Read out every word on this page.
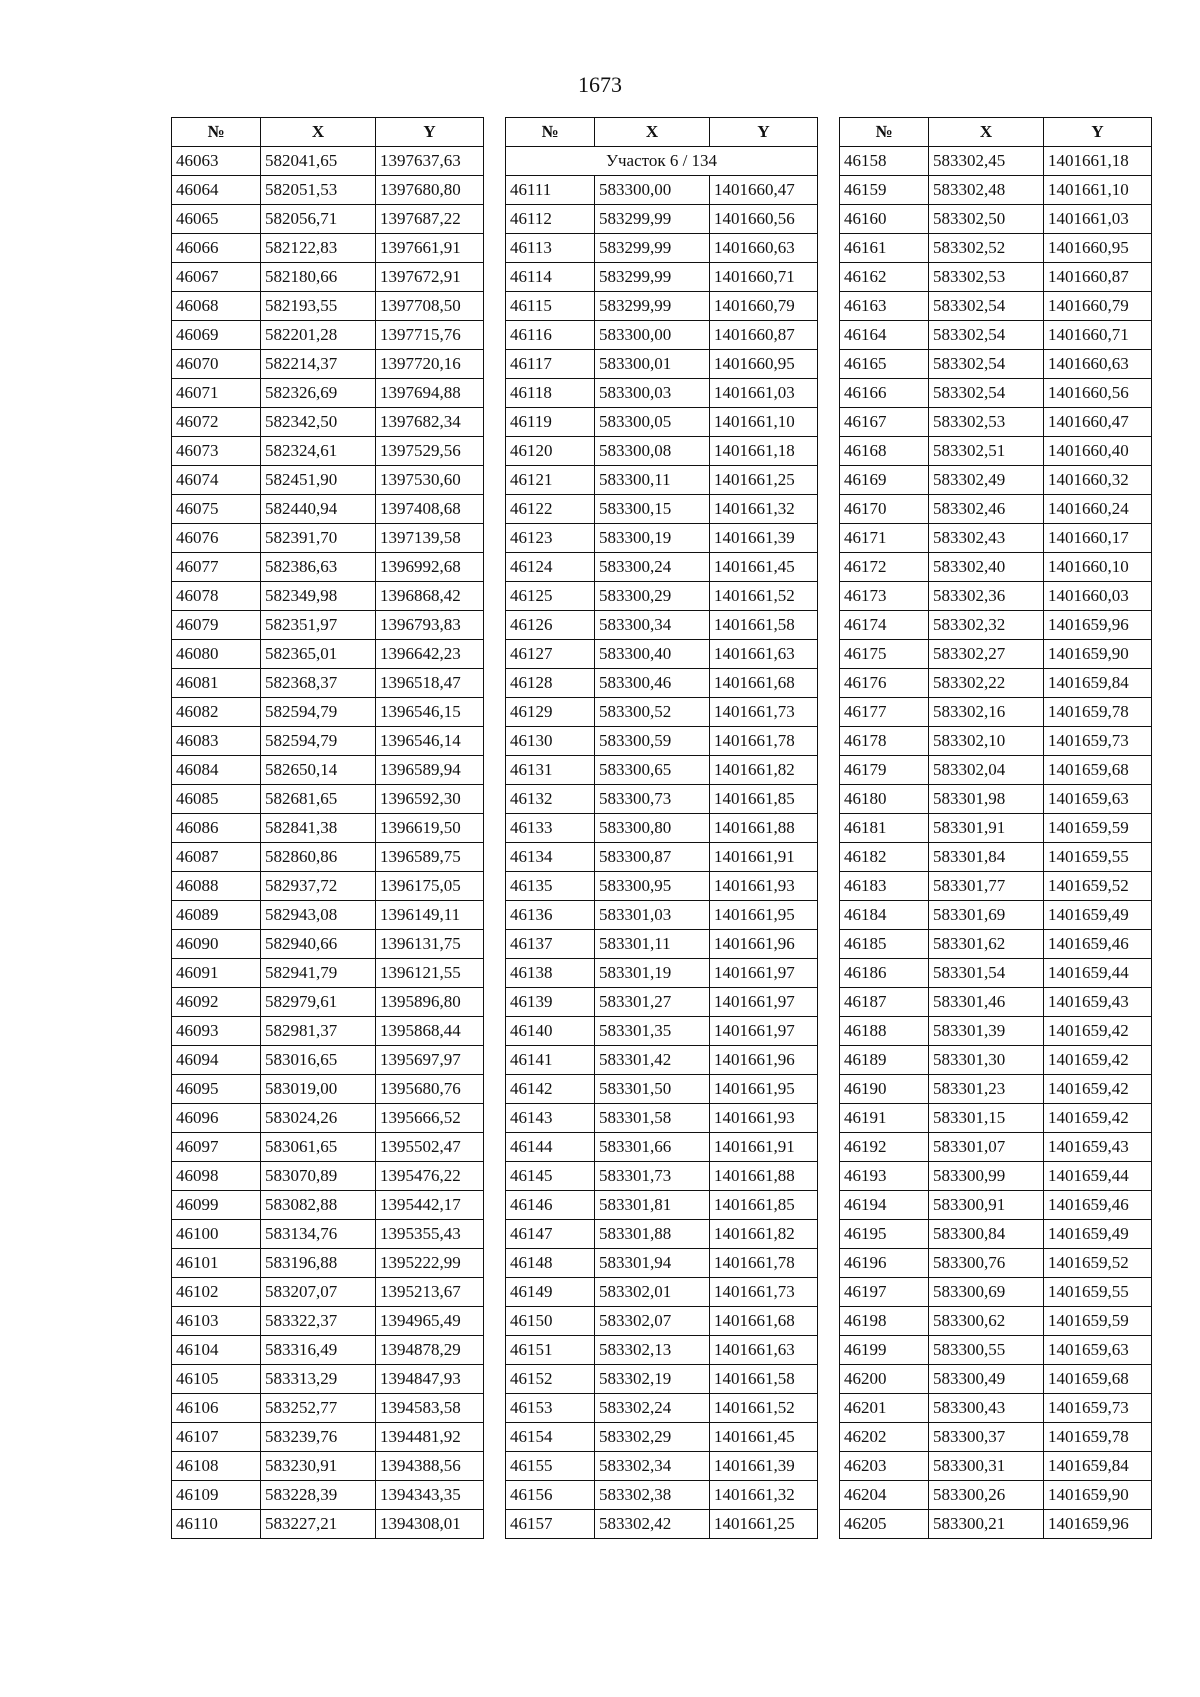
1673
№	X	Y
46063	582041,65	1397637,63
46064	582051,53	1397680,80
46065	582056,71	1397687,22
46066	582122,83	1397661,91
46067	582180,66	1397672,91
46068	582193,55	1397708,50
46069	582201,28	1397715,76
46070	582214,37	1397720,16
46071	582326,69	1397694,88
46072	582342,50	1397682,34
46073	582324,61	1397529,56
46074	582451,90	1397530,60
46075	582440,94	1397408,68
46076	582391,70	1397139,58
46077	582386,63	1396992,68
46078	582349,98	1396868,42
46079	582351,97	1396793,83
46080	582365,01	1396642,23
46081	582368,37	1396518,47
46082	582594,79	1396546,15
46083	582594,79	1396546,14
46084	582650,14	1396589,94
46085	582681,65	1396592,30
46086	582841,38	1396619,50
46087	582860,86	1396589,75
46088	582937,72	1396175,05
46089	582943,08	1396149,11
46090	582940,66	1396131,75
46091	582941,79	1396121,55
46092	582979,61	1395896,80
46093	582981,37	1395868,44
46094	583016,65	1395697,97
46095	583019,00	1395680,76
46096	583024,26	1395666,52
46097	583061,65	1395502,47
46098	583070,89	1395476,22
46099	583082,88	1395442,17
46100	583134,76	1395355,43
46101	583196,88	1395222,99
46102	583207,07	1395213,67
46103	583322,37	1394965,49
46104	583316,49	1394878,29
46105	583313,29	1394847,93
46106	583252,77	1394583,58
46107	583239,76	1394481,92
46108	583230,91	1394388,56
46109	583228,39	1394343,35
46110	583227,21	1394308,01
№	X	Y
Участок 6 / 134		
46111	583300,00	1401660,47
46112	583299,99	1401660,56
46113	583299,99	1401660,63
46114	583299,99	1401660,71
46115	583299,99	1401660,79
46116	583300,00	1401660,87
46117	583300,01	1401660,95
46118	583300,03	1401661,03
46119	583300,05	1401661,10
46120	583300,08	1401661,18
46121	583300,11	1401661,25
46122	583300,15	1401661,32
46123	583300,19	1401661,39
46124	583300,24	1401661,45
46125	583300,29	1401661,52
46126	583300,34	1401661,58
46127	583300,40	1401661,63
46128	583300,46	1401661,68
46129	583300,52	1401661,73
46130	583300,59	1401661,78
46131	583300,65	1401661,82
46132	583300,73	1401661,85
46133	583300,80	1401661,88
46134	583300,87	1401661,91
46135	583300,95	1401661,93
46136	583301,03	1401661,95
46137	583301,11	1401661,96
46138	583301,19	1401661,97
46139	583301,27	1401661,97
46140	583301,35	1401661,97
46141	583301,42	1401661,96
46142	583301,50	1401661,95
46143	583301,58	1401661,93
46144	583301,66	1401661,91
46145	583301,73	1401661,88
46146	583301,81	1401661,85
46147	583301,88	1401661,82
46148	583301,94	1401661,78
46149	583302,01	1401661,73
46150	583302,07	1401661,68
46151	583302,13	1401661,63
46152	583302,19	1401661,58
46153	583302,24	1401661,52
46154	583302,29	1401661,45
46155	583302,34	1401661,39
46156	583302,38	1401661,32
46157	583302,42	1401661,25
№	X	Y
46158	583302,45	1401661,18
46159	583302,48	1401661,10
46160	583302,50	1401661,03
46161	583302,52	1401660,95
46162	583302,53	1401660,87
46163	583302,54	1401660,79
46164	583302,54	1401660,71
46165	583302,54	1401660,63
46166	583302,54	1401660,56
46167	583302,53	1401660,47
46168	583302,51	1401660,40
46169	583302,49	1401660,32
46170	583302,46	1401660,24
46171	583302,43	1401660,17
46172	583302,40	1401660,10
46173	583302,36	1401660,03
46174	583302,32	1401659,96
46175	583302,27	1401659,90
46176	583302,22	1401659,84
46177	583302,16	1401659,78
46178	583302,10	1401659,73
46179	583302,04	1401659,68
46180	583301,98	1401659,63
46181	583301,91	1401659,59
46182	583301,84	1401659,55
46183	583301,77	1401659,52
46184	583301,69	1401659,49
46185	583301,62	1401659,46
46186	583301,54	1401659,44
46187	583301,46	1401659,43
46188	583301,39	1401659,42
46189	583301,30	1401659,42
46190	583301,23	1401659,42
46191	583301,15	1401659,42
46192	583301,07	1401659,43
46193	583300,99	1401659,44
46194	583300,91	1401659,46
46195	583300,84	1401659,49
46196	583300,76	1401659,52
46197	583300,69	1401659,55
46198	583300,62	1401659,59
46199	583300,55	1401659,63
46200	583300,49	1401659,68
46201	583300,43	1401659,73
46202	583300,37	1401659,78
46203	583300,31	1401659,84
46204	583300,26	1401659,90
46205	583300,21	1401659,96
